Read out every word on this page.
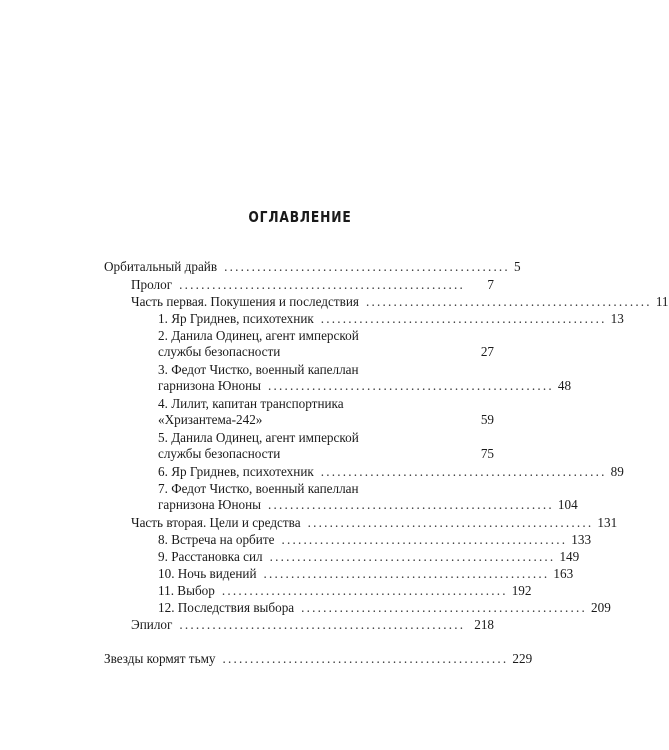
ОГЛАВЛЕНИЕ
Орбитальный драйв .................................................... 5
Пролог ....................................................	7
Часть первая. Покушения и последствия .................................................... 11
1. Яр Гриднев, психотехник .................................................... 13
2. Данила Одинец, агент имперской
службы безопасности	27
3. Федот Чистко, военный капеллан
гарнизона Юноны .................................................... 48
4. Лилит, капитан транспортника
«Хризантема-242»	59
5. Данила Одинец, агент имперской
службы безопасности	75
6. Яр Гриднев, психотехник .................................................... 89
7. Федот Чистко, военный капеллан
гарнизона Юноны .................................................... 104
Часть вторая. Цели и средства .................................................... 131
8. Встреча на орбите .................................................... 133
9. Расстановка сил .................................................... 149
10. Ночь видений .................................................... 163
11. Выбор .................................................... 192
12. Последствия выбора .................................................... 209
Эпилог .................................................... 218
Звезды кормят тьму .................................................... 229
